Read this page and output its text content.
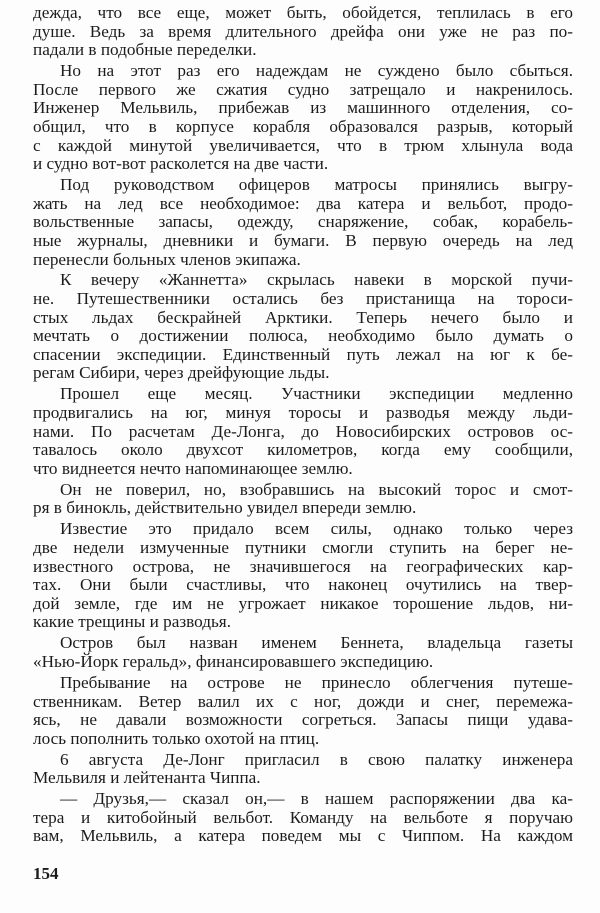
дежда, что все еще, может быть, обойдется, теплилась в его
душе. Ведь за время длительного дрейфа они уже не раз по-
падали в подобные переделки.
Но на этот раз его надеждам не суждено было сбыться.
После первого же сжатия судно затрещало и накренилось.
Инженер Мельвиль, прибежав из машинного отделения, со-
общил, что в корпусе корабля образовался разрыв, который
с каждой минутой увеличивается, что в трюм хлынула вода
и судно вот-вот расколется на две части.
Под руководством офицеров матросы принялись выгру-
жать на лед все необходимое: два катера и вельбот, продо-
вольственные запасы, одежду, снаряжение, собак, корабель-
ные журналы, дневники и бумаги. В первую очередь на лед
перенесли больных членов экипажа.
К вечеру «Жаннетта» скрылась навеки в морской пучи-
не. Путешественники остались без пристанища на тороси-
стых льдах бескрайней Арктики. Теперь нечего было и
мечтать о достижении полюса, необходимо было думать о
спасении экспедиции. Единственный путь лежал на юг к бе-
регам Сибири, через дрейфующие льды.
Прошел еще месяц. Участники экспедиции медленно
продвигались на юг, минуя торосы и разводья между льди-
нами. По расчетам Де-Лонга, до Новосибирских островов ос-
тавалось около двухсот километров, когда ему сообщили,
что виднеется нечто напоминающее землю.
Он не поверил, но, взобравшись на высокий торос и смот-
ря в бинокль, действительно увидел впереди землю.
Известие это придало всем силы, однако только через
две недели измученные путники смогли ступить на берег не-
известного острова, не значившегося на географических кар-
тах. Они были счастливы, что наконец очутились на твер-
дой земле, где им не угрожает никакое торошение льдов, ни-
какие трещины и разводья.
Остров был назван именем Беннета, владельца газеты
«Нью-Йорк геральд», финансировавшего экспедицию.
Пребывание на острове не принесло облегчения путеше-
ственникам. Ветер валил их с ног, дожди и снег, перемежа-
ясь, не давали возможности согреться. Запасы пищи удава-
лось пополнить только охотой на птиц.
6 августа Де-Лонг пригласил в свою палатку инженера
Мельвиля и лейтенанта Чиппа.
— Друзья,— сказал он,— в нашем распоряжении два ка-
тера и китобойный вельбот. Команду на вельботе я поручаю
вам, Мельвиль, а катера поведем мы с Чиппом. На каждом
154
